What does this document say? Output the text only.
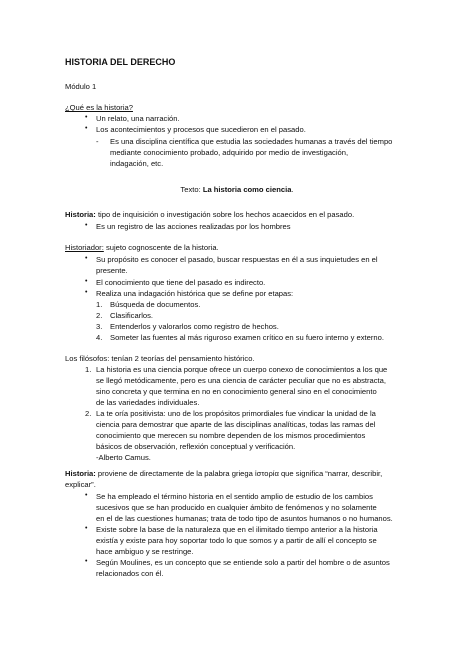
HISTORIA DEL DERECHO
Módulo 1
¿Qué es la historia?
• Un relato, una narración.
• Los acontecimientos y procesos que sucedieron en el pasado.
- Es una disciplina científica que estudia las sociedades humanas a través del tiempo
mediante conocimiento probado, adquirido por medio de investigación,
indagación, etc.
Texto: La historia como ciencia.
Historia: tipo de inquisición o investigación sobre los hechos acaecidos en el pasado.
• Es un registro de las acciones realizadas por los hombres
Historiador: sujeto cognoscente de la historia.
• Su propósito es conocer el pasado, buscar respuestas en él a sus inquietudes en el
presente.
• El conocimiento que tiene del pasado es indirecto.
• Realiza una indagación histórica que se define por etapas:
1. Búsqueda de documentos.
2. Clasificarlos.
3. Entenderlos y valorarlos como registro de hechos.
4. Someter las fuentes al más riguroso examen crítico en su fuero interno y externo.
Los filósofos: tenían 2 teorías del pensamiento histórico.
1. La historia es una ciencia porque ofrece un cuerpo conexo de conocimientos a los que
se llegó metódicamente, pero es una ciencia de carácter peculiar que no es abstracta,
sino concreta y que termina en no en conocimiento general sino en el conocimiento
de las variedades individuales.
2. La te oría positivista: uno de los propósitos primordiales fue vindicar la unidad de la
ciencia para demostrar que aparte de las disciplinas analíticas, todas las ramas del
conocimiento que merecen su nombre dependen de los mismos procedimientos
básicos de observación, reflexión conceptual y verificación.
-Alberto Camus.
Historia: proviene de directamente de la palabra griega ἱστορία que significa “narrar, describir,
explicar”.
• Se ha empleado el término historia en el sentido amplio de estudio de los cambios
sucesivos que se han producido en cualquier ámbito de fenómenos y no solamente
en el de las cuestiones humanas; trata de todo tipo de asuntos humanos o no humanos.
• Existe sobre la base de la naturaleza que en el ilimitado tiempo anterior a la historia
existía y existe para hoy soportar todo lo que somos y a partir de allí el concepto se
hace ambiguo y se restringe.
• Según Moulines, es un concepto que se entiende solo a partir del hombre o de asuntos
relacionados con él.
